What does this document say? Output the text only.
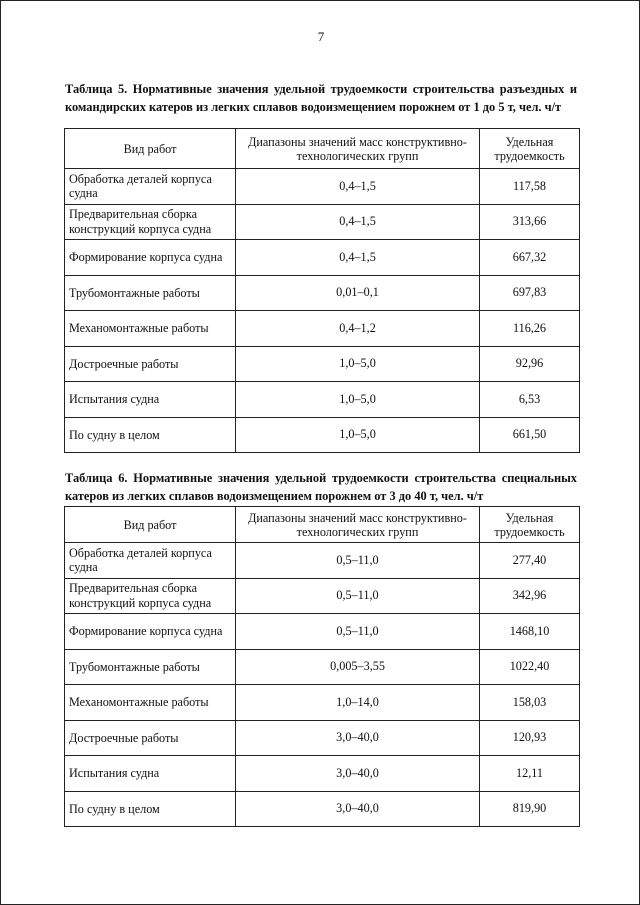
7
Таблица 5. Нормативные значения удельной трудоемкости строительства разъездных и командирских катеров из легких сплавов водоизмещением порожнем от 1 до 5 т, чел. ч/т
Вид работ	Диапазоны значений масс конструктивно-технологических групп	Удельная трудоемкость
Обработка деталей корпуса судна	0,4–1,5	117,58
Предварительная сборка конструкций корпуса судна	0,4–1,5	313,66
Формирование корпуса судна	0,4–1,5	667,32
Трубомонтажные работы	0,01–0,1	697,83
Механомонтажные работы	0,4–1,2	116,26
Достроечные работы	1,0–5,0	92,96
Испытания судна	1,0–5,0	6,53
По судну в целом	1,0–5,0	661,50
Таблица 6. Нормативные значения удельной трудоемкости строительства специальных катеров из легких сплавов водоизмещением порожнем от 3 до 40 т, чел. ч/т
Вид работ	Диапазоны значений масс конструктивно-технологических групп	Удельная трудоемкость
Обработка деталей корпуса судна	0,5–11,0	277,40
Предварительная сборка конструкций корпуса судна	0,5–11,0	342,96
Формирование корпуса судна	0,5–11,0	1468,10
Трубомонтажные работы	0,005–3,55	1022,40
Механомонтажные работы	1,0–14,0	158,03
Достроечные работы	3,0–40,0	120,93
Испытания судна	3,0–40,0	12,11
По судну в целом	3,0–40,0	819,90
